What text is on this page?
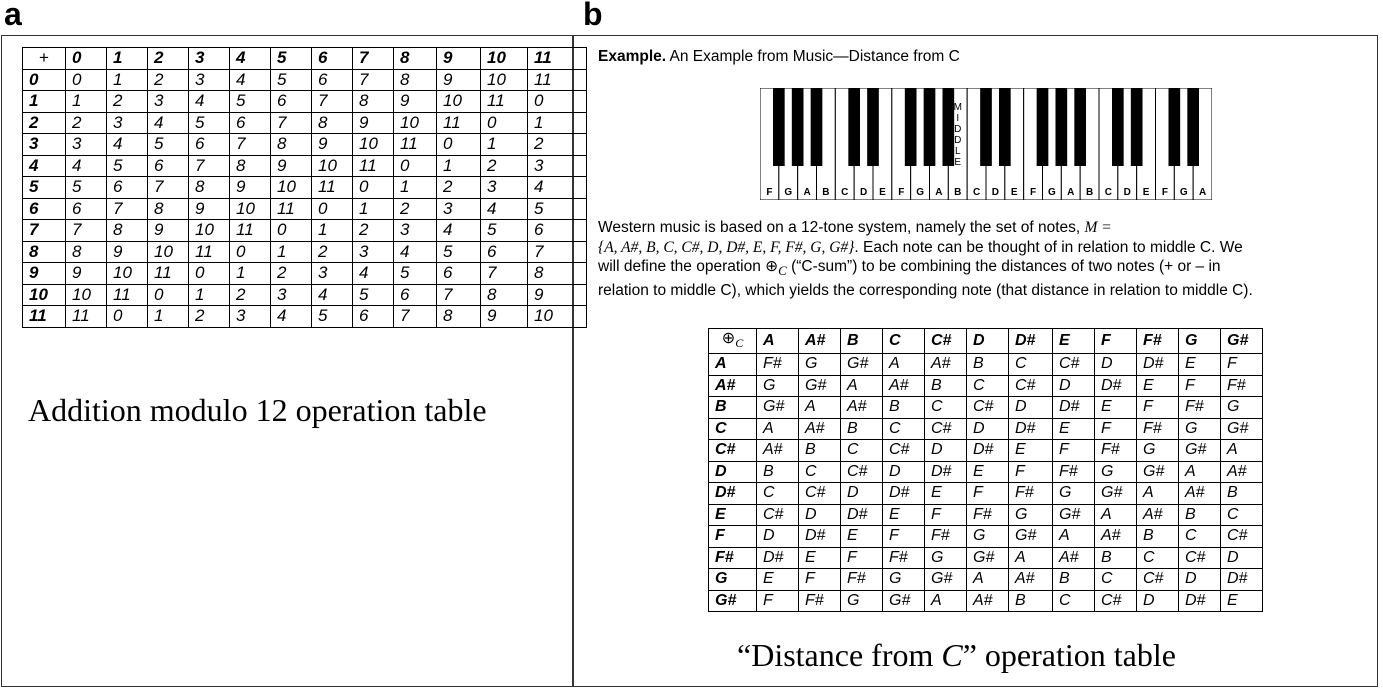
a	b
+	0	1	2	3	4	5	6	7	8	9	10	11
0	0	1	2	3	4	5	6	7	8	9	10	11
1	1	2	3	4	5	6	7	8	9	10	11	0
2	2	3	4	5	6	7	8	9	10	11	0	1
3	3	4	5	6	7	8	9	10	11	0	1	2
4	4	5	6	7	8	9	10	11	0	1	2	3
5	5	6	7	8	9	10	11	0	1	2	3	4
6	6	7	8	9	10	11	0	1	2	3	4	5
7	7	8	9	10	11	0	1	2	3	4	5	6
8	8	9	10	11	0	1	2	3	4	5	6	7
9	9	10	11	0	1	2	3	4	5	6	7	8
10	10	11	0	1	2	3	4	5	6	7	8	9
11	11	0	1	2	3	4	5	6	7	8	9	10
Addition modulo 12 operation table
Example. An Example from Music—Distance from C
F G A B C D E F G A B C D E F G A B C D E F G A
M
I
D
D
L
E
Western music is based on a 12-tone system, namely the set of notes, M =
{A, A#, B, C, C#, D, D#, E, F, F#, G, G#}. Each note can be thought of in relation to middle C. We
will define the operation $\oplus_C$ (“C-sum”) to be combining the distances of two notes (+ or – in
relation to middle C), which yields the corresponding note (that distance in relation to middle C).
$\oplus_C$	A	A#	B	C	C#	D	D#	E	F	F#	G	G#
A	F#	G	G#	A	A#	B	C	C#	D	D#	E	F
A#	G	G#	A	A#	B	C	C#	D	D#	E	F	F#
B	G#	A	A#	B	C	C#	D	D#	E	F	F#	G
C	A	A#	B	C	C#	D	D#	E	F	F#	G	G#
C#	A#	B	C	C#	D	D#	E	F	F#	G	G#	A
D	B	C	C#	D	D#	E	F	F#	G	G#	A	A#
D#	C	C#	D	D#	E	F	F#	G	G#	A	A#	B
E	C#	D	D#	E	F	F#	G	G#	A	A#	B	C
F	D	D#	E	F	F#	G	G#	A	A#	B	C	C#
F#	D#	E	F	F#	G	G#	A	A#	B	C	C#	D
G	E	F	F#	G	G#	A	A#	B	C	C#	D	D#
G#	F	F#	G	G#	A	A#	B	C	C#	D	D#	E
“Distance from C” operation table
